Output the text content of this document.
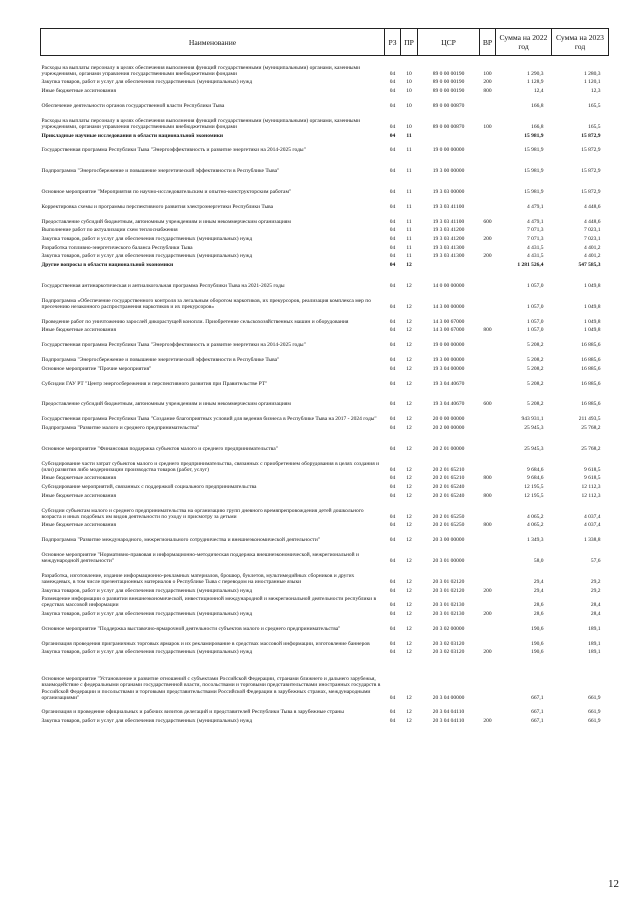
Наименование	РЗ	ПР	ЦСР	ВР	Сумма на 2022 год	Сумма на 2023 год
Расходы на выплаты персоналу в целях обеспечения выполнения функций государственными (муниципальными) органами, казенными учреждениями, органами управления государственными внебюджетными фондами	04	10	89 0 00 00190	100	1 290,3	1 280,3
Закупка товаров, работ и услуг для обеспечения государственных (муниципальных) нужд	04	10	89 0 00 00190	200	1 128,9	1 120,1
Иные бюджетные ассигнования	04	10	89 0 00 00190	800	12,4	12,3
Обеспечение деятельности органов государственной власти Республики Тыва	04	10	89 0 00 00870		166,8	165,5
Расходы на выплаты персоналу в целях обеспечения выполнения функций государственными (муниципальными) органами, казенными учреждениями, органами управления государственными внебюджетными фондами	04	10	89 0 00 00870	100	166,8	165,5
Прикладные научные исследования в области национальной экономики	04	11			15 981,9	15 872,9
Государственная программа Республики Тыва "Энергоэффективность и развитие энергетики на 2014-2025 годы"	04	11	19 0 00 00000		15 981,9	15 872,9
Подпрограмма "Энергосбережение и повышение энергетической эффективности в Республике Тыва"	04	11	19 3 00 00000		15 981,9	15 872,9
Основное мероприятие "Мероприятия по научно-исследовательским и опытно-конструкторским работам"	04	11	19 3 03 00000		15 981,9	15 872,9
Корректировка схемы и программы перспективного развития электроэнергетики Республики Тыва	04	11	19 3 03 41100		4 479,1	4 448,6
Предоставление субсидий бюджетным, автономным учреждениям и иным некоммерческим организациям	04	11	19 3 03 41100	600	4 479,1	4 448,6
Выполнение работ по актуализации схем теплоснабжения	04	11	19 3 03 41200		7 071,3	7 023,1
Закупка товаров, работ и услуг для обеспечения государственных (муниципальных) нужд	04	11	19 3 03 41200	200	7 071,3	7 023,1
Разработка топливно-энергетического баланса Республики Тыва	04	11	19 3 03 41300		4 431,5	4 401,2
Закупка товаров, работ и услуг для обеспечения государственных (муниципальных) нужд	04	11	19 3 03 41300	200	4 431,5	4 401,2
Другие вопросы в области национальной экономики	04	12			1 281 526,4	547 585,3
Государственная антинаркотическая и антиалкогольная программа Республики Тыва на 2021-2025 годы	04	12	14 0 00 00000		1 057,0	1 049,8
Подпрограмма «Обеспечение государственного контроля за легальным оборотом наркотиков, их прекурсоров, реализация комплекса мер по пресечению незаконного распространения наркотиков и их прекурсоров»	04	12	14 3 00 00000		1 057,0	1 049,8
Проведение работ по уничтожению зарослей дикорастущей конопли. Приобретение сельскохозяйственных машин и оборудования	04	12	14 3 00 67000		1 057,0	1 049,8
Иные бюджетные ассигнования	04	12	14 3 00 67000	800	1 057,0	1 049,8
Государственная программа Республики Тыва "Энергоэффективность и развитие энергетики на 2014-2025 годы"	04	12	19 0 00 00000		5 208,2	16 885,6
Подпрограмма "Энергосбережение и повышение энергетической эффективности в Республике Тыва"	04	12	19 3 00 00000		5 208,2	16 885,6
Основное мероприятие "Прочие мероприятия"	04	12	19 3 04 00000		5 208,2	16 885,6
Субсидии ГАУ РТ "Центр энергосбережения и перспективного развития при Правительстве РТ"	04	12	19 3 04 40670		5 208,2	16 885,6
Предоставление субсидий бюджетным, автономным учреждениям и иным некоммерческим организациям	04	12	19 3 04 40670	600	5 208,2	16 885,6
Государственная программа Республики Тыва "Создание благоприятных условий для ведения бизнеса в Республике Тыва на 2017 - 2024 годы"	04	12	20 0 00 00000		943 931,1	211 493,5
Подпрограмма "Развитие малого и среднего предпринимательства"	04	12	20 2 00 00000		25 945,3	25 768,2
Основное мероприятие "Финансовая поддержка субъектов малого и среднего предпринимательства"	04	12	20 2 01 00000		25 945,3	25 768,2
Субсидирование части затрат субъектов малого и среднего предпринимательства, связанных с приобретением оборудования в целях создания и (или) развития либо модернизации производства товаров (работ, услуг)	04	12	20 2 01 65210		9 684,6	9 618,5
Иные бюджетные ассигнования	04	12	20 2 01 65210	800	9 684,6	9 618,5
Субсидирование мероприятий, связанных с поддержкой социального предпринимательства	04	12	20 2 01 65240		12 195,5	12 112,3
Иные бюджетные ассигнования	04	12	20 2 01 65240	800	12 195,5	12 112,3
Субсидии субъектам малого и среднего предпринимательства на организацию групп дневного времяпрепровождения детей дошкольного возраста и иных подобных им видов деятельности по уходу и присмотру за детьми	04	12	20 2 01 65250		4 065,2	4 037,4
Иные бюджетные ассигнования	04	12	20 2 01 65250	800	4 065,2	4 037,4
Подпрограмма "Развитие международного, межрегионального сотрудничества и внешнеэкономической деятельности"	04	12	20 3 00 00000		1 349,3	1 338,8
Основное мероприятие "Нормативно-правовая и информационно-методическая поддержка внешнеэкономической, межрегиональной и международной деятельности"	04	12	20 3 01 00000		58,0	57,6
Разработка, изготовление, издание информационно-рекламных материалов, брошюр, буклетов, мультимедийных сборников и других замеждевых, в том числе презентационных материалов о Республике Тыва с переводом на иностранные языки	04	12	20 3 01 02120		29,4	29,2
Закупка товаров, работ и услуг для обеспечения государственных (муниципальных) нужд	04	12	20 3 01 02120	200	29,4	29,2
Размещение информации о развитии внешнеэкономической, инвестиционной международной и межрегиональной деятельности республики в средствах массовой информации	04	12	20 3 01 02130		28,6	28,4
Закупка товаров, работ и услуг для обеспечения государственных (муниципальных) нужд	04	12	20 3 01 02130	200	28,6	28,4
Основное мероприятие "Поддержка выставочно-ярмарочной деятельности субъектов малого и среднего предпринимательства"	04	12	20 3 02 00000		190,6	189,1
Организация проведения приграничных торговых ярмарок и их рекламирование в средствах массовой информации, изготовление баннеров	04	12	20 3 02 03120		190,6	189,1
Закупка товаров, работ и услуг для обеспечения государственных (муниципальных) нужд	04	12	20 3 02 03120	200	190,6	189,1
Основное мероприятие "Установление и развитие отношений с субъектами Российской Федерации, странами ближнего и дальнего зарубежья, взаимодействие с федеральными органами государственной власти, посольствами и торговыми представительствами иностранных государств в Российской Федерации и посольствами и торговыми представительствами Российской Федерации в зарубежных странах, международными организациями"	04	12	20 3 04 00000		667,1	661,9
Организация и проведение официальных и рабочих визитов делегаций и представителей Республики Тыва в зарубежные страны	04	12	20 3 04 04110		667,1	661,9
Закупка товаров, работ и услуг для обеспечения государственных (муниципальных) нужд	04	12	20 3 04 04110	200	667,1	661,9
12
